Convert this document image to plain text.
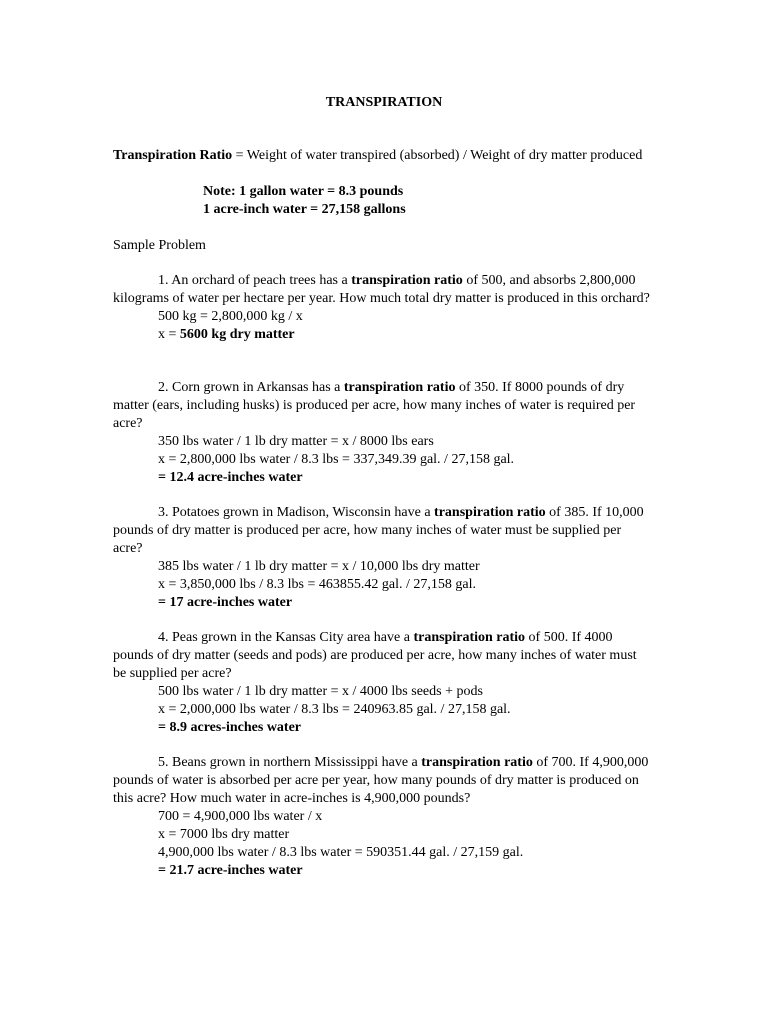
TRANSPIRATION
Transpiration Ratio = Weight of water transpired (absorbed) / Weight of dry matter produced
Note: 1 gallon water = 8.3 pounds
1 acre-inch water = 27,158 gallons
Sample Problem

1. An orchard of peach trees has a transpiration ratio of 500, and absorbs 2,800,000 kilograms of water per hectare per year. How much total dry matter is produced in this orchard?

500 kg = 2,800,000 kg / x
x = 5600 kg dry matter

2. Corn grown in Arkansas has a transpiration ratio of 350. If 8000 pounds of dry matter (ears, including husks) is produced per acre, how many inches of water is required per acre?

350 lbs water / 1 lb dry matter = x / 8000 lbs ears
x = 2,800,000 lbs water / 8.3 lbs = 337,349.39 gal. / 27,158 gal.
= 12.4 acre-inches water

3. Potatoes grown in Madison, Wisconsin have a transpiration ratio of 385. If 10,000 pounds of dry matter is produced per acre, how many inches of water must be supplied per acre?

385 lbs water / 1 lb dry matter = x / 10,000 lbs dry matter
x = 3,850,000 lbs / 8.3 lbs = 463855.42 gal. / 27,158 gal.
= 17 acre-inches water

4. Peas grown in the Kansas City area have a transpiration ratio of 500. If 4000 pounds of dry matter (seeds and pods) are produced per acre, how many inches of water must be supplied per acre?

500 lbs water / 1 lb dry matter = x / 4000 lbs seeds + pods
x = 2,000,000 lbs water / 8.3 lbs = 240963.85 gal. / 27,158 gal.
= 8.9 acres-inches water

5. Beans grown in northern Mississippi have a transpiration ratio of 700. If 4,900,000 pounds of water is absorbed per acre per year, how many pounds of dry matter is produced on this acre? How much water in acre-inches is 4,900,000 pounds?

700 = 4,900,000 lbs water / x
x = 7000 lbs dry matter
4,900,000 lbs water / 8.3 lbs water = 590351.44 gal. / 27,159 gal.
= 21.7 acre-inches water
